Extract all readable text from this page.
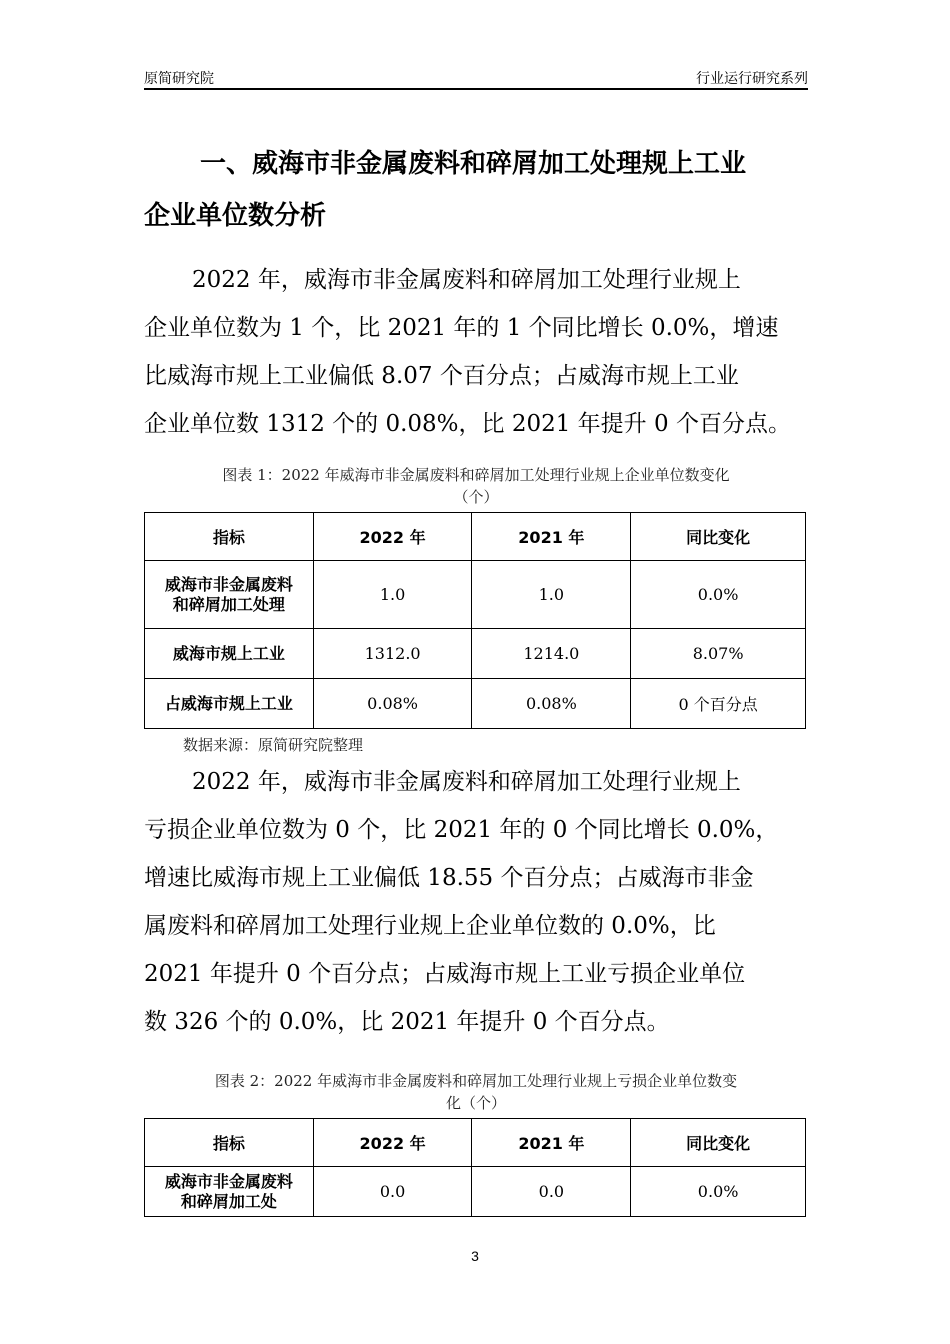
原简研究院	行业运行研究系列
一、威海市非金属废料和碎屑加工处理规上工业
企业单位数分析
2022 年，威海市非金属废料和碎屑加工处理行业规上
企业单位数为 1 个，比 2021 年的 1 个同比增长 0.0%，增速
比威海市规上工业偏低 8.07 个百分点；占威海市规上工业
企业单位数 1312 个的 0.08%，比 2021 年提升 0 个百分点。
图表 1：2022 年威海市非金属废料和碎屑加工处理行业规上企业单位数变化
（个）
指标	2022 年	2021 年	同比变化
威海市非金属废料和碎屑加工处理	1.0	1.0	0.0%
威海市规上工业	1312.0	1214.0	8.07%
占威海市规上工业	0.08%	0.08%	0 个百分点
数据来源：原简研究院整理
2022 年，威海市非金属废料和碎屑加工处理行业规上
亏损企业单位数为 0 个，比 2021 年的 0 个同比增长 0.0%，
增速比威海市规上工业偏低 18.55 个百分点；占威海市非金
属废料和碎屑加工处理行业规上企业单位数的 0.0%，比
2021 年提升 0 个百分点；占威海市规上工业亏损企业单位
数 326 个的 0.0%，比 2021 年提升 0 个百分点。
图表 2：2022 年威海市非金属废料和碎屑加工处理行业规上亏损企业单位数变
化（个）
指标	2022 年	2021 年	同比变化
威海市非金属废料和碎屑加工处	0.0	0.0	0.0%
3
